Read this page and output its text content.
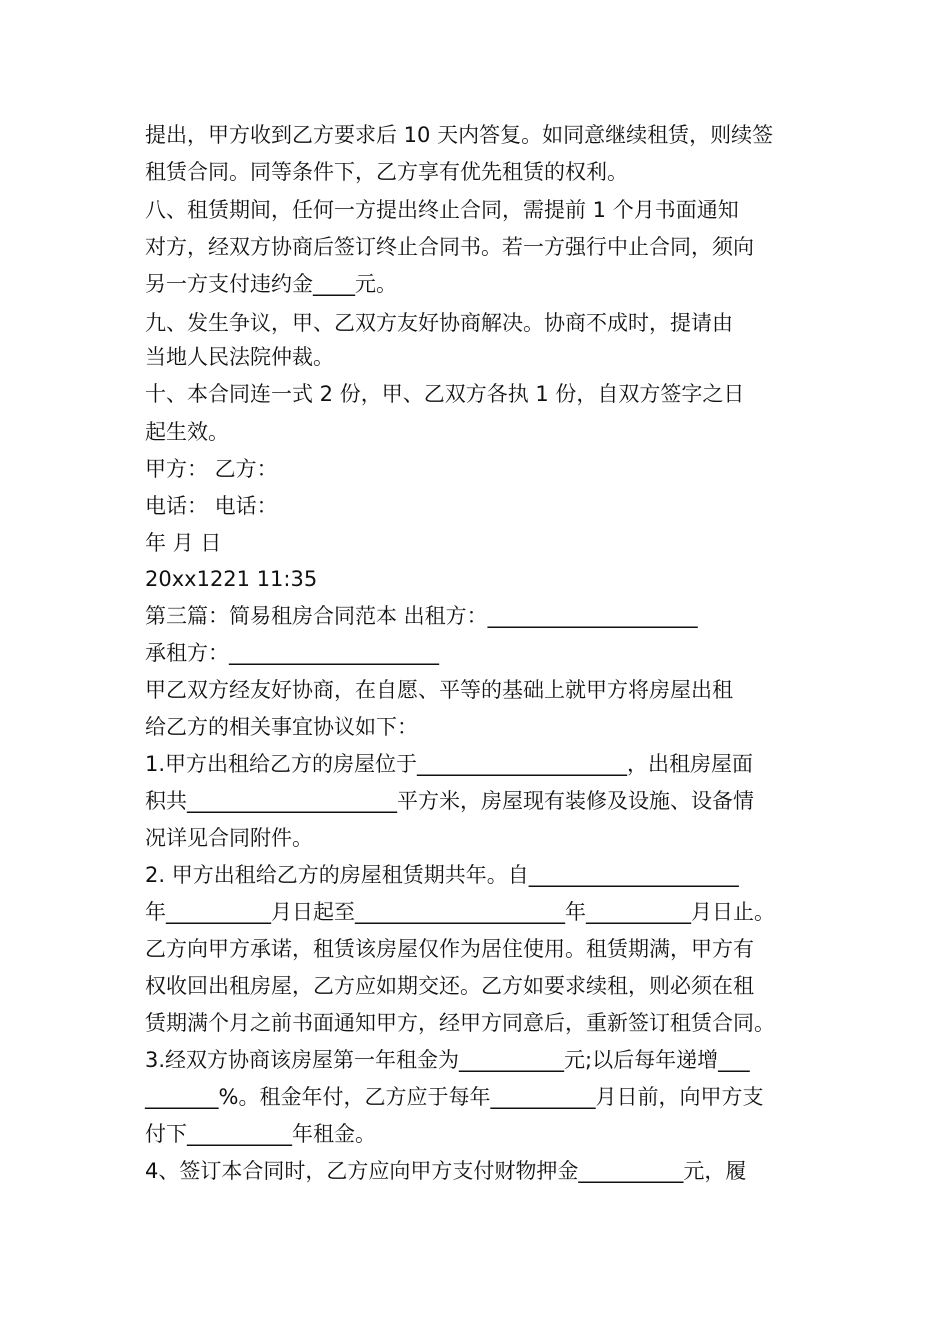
提出，甲方收到乙方要求后 10 天内答复。如同意继续租赁，则续签
租赁合同。同等条件下，乙方享有优先租赁的权利。
八、租赁期间，任何一方提出终止合同，需提前 1 个月书面通知
对方，经双方协商后签订终止合同书。若一方强行中止合同，须向
另一方支付违约金____元。
九、发生争议，甲、乙双方友好协商解决。协商不成时，提请由
当地人民法院仲裁。
十、本合同连一式 2 份，甲、乙双方各执 1 份，自双方签字之日
起生效。
甲方： 乙方：
电话： 电话：
年 月 日
20xx1221 11:35
第三篇：简易租房合同范本 出租方：____________________
承租方：____________________
甲乙双方经友好协商，在自愿、平等的基础上就甲方将房屋出租
给乙方的相关事宜协议如下：
1.甲方出租给乙方的房屋位于____________________，出租房屋面
积共____________________平方米，房屋现有装修及设施、设备情
况详见合同附件。
2. 甲方出租给乙方的房屋租赁期共年。自____________________
年__________月日起至____________________年__________月日止。
乙方向甲方承诺，租赁该房屋仅作为居住使用。租赁期满，甲方有
权收回出租房屋，乙方应如期交还。乙方如要求续租，则必须在租
赁期满个月之前书面通知甲方，经甲方同意后，重新签订租赁合同。
3.经双方协商该房屋第一年租金为__________元;以后每年递增___
_______%。租金年付，乙方应于每年__________月日前，向甲方支
付下__________年租金。
4、签订本合同时，乙方应向甲方支付财物押金__________元，履
